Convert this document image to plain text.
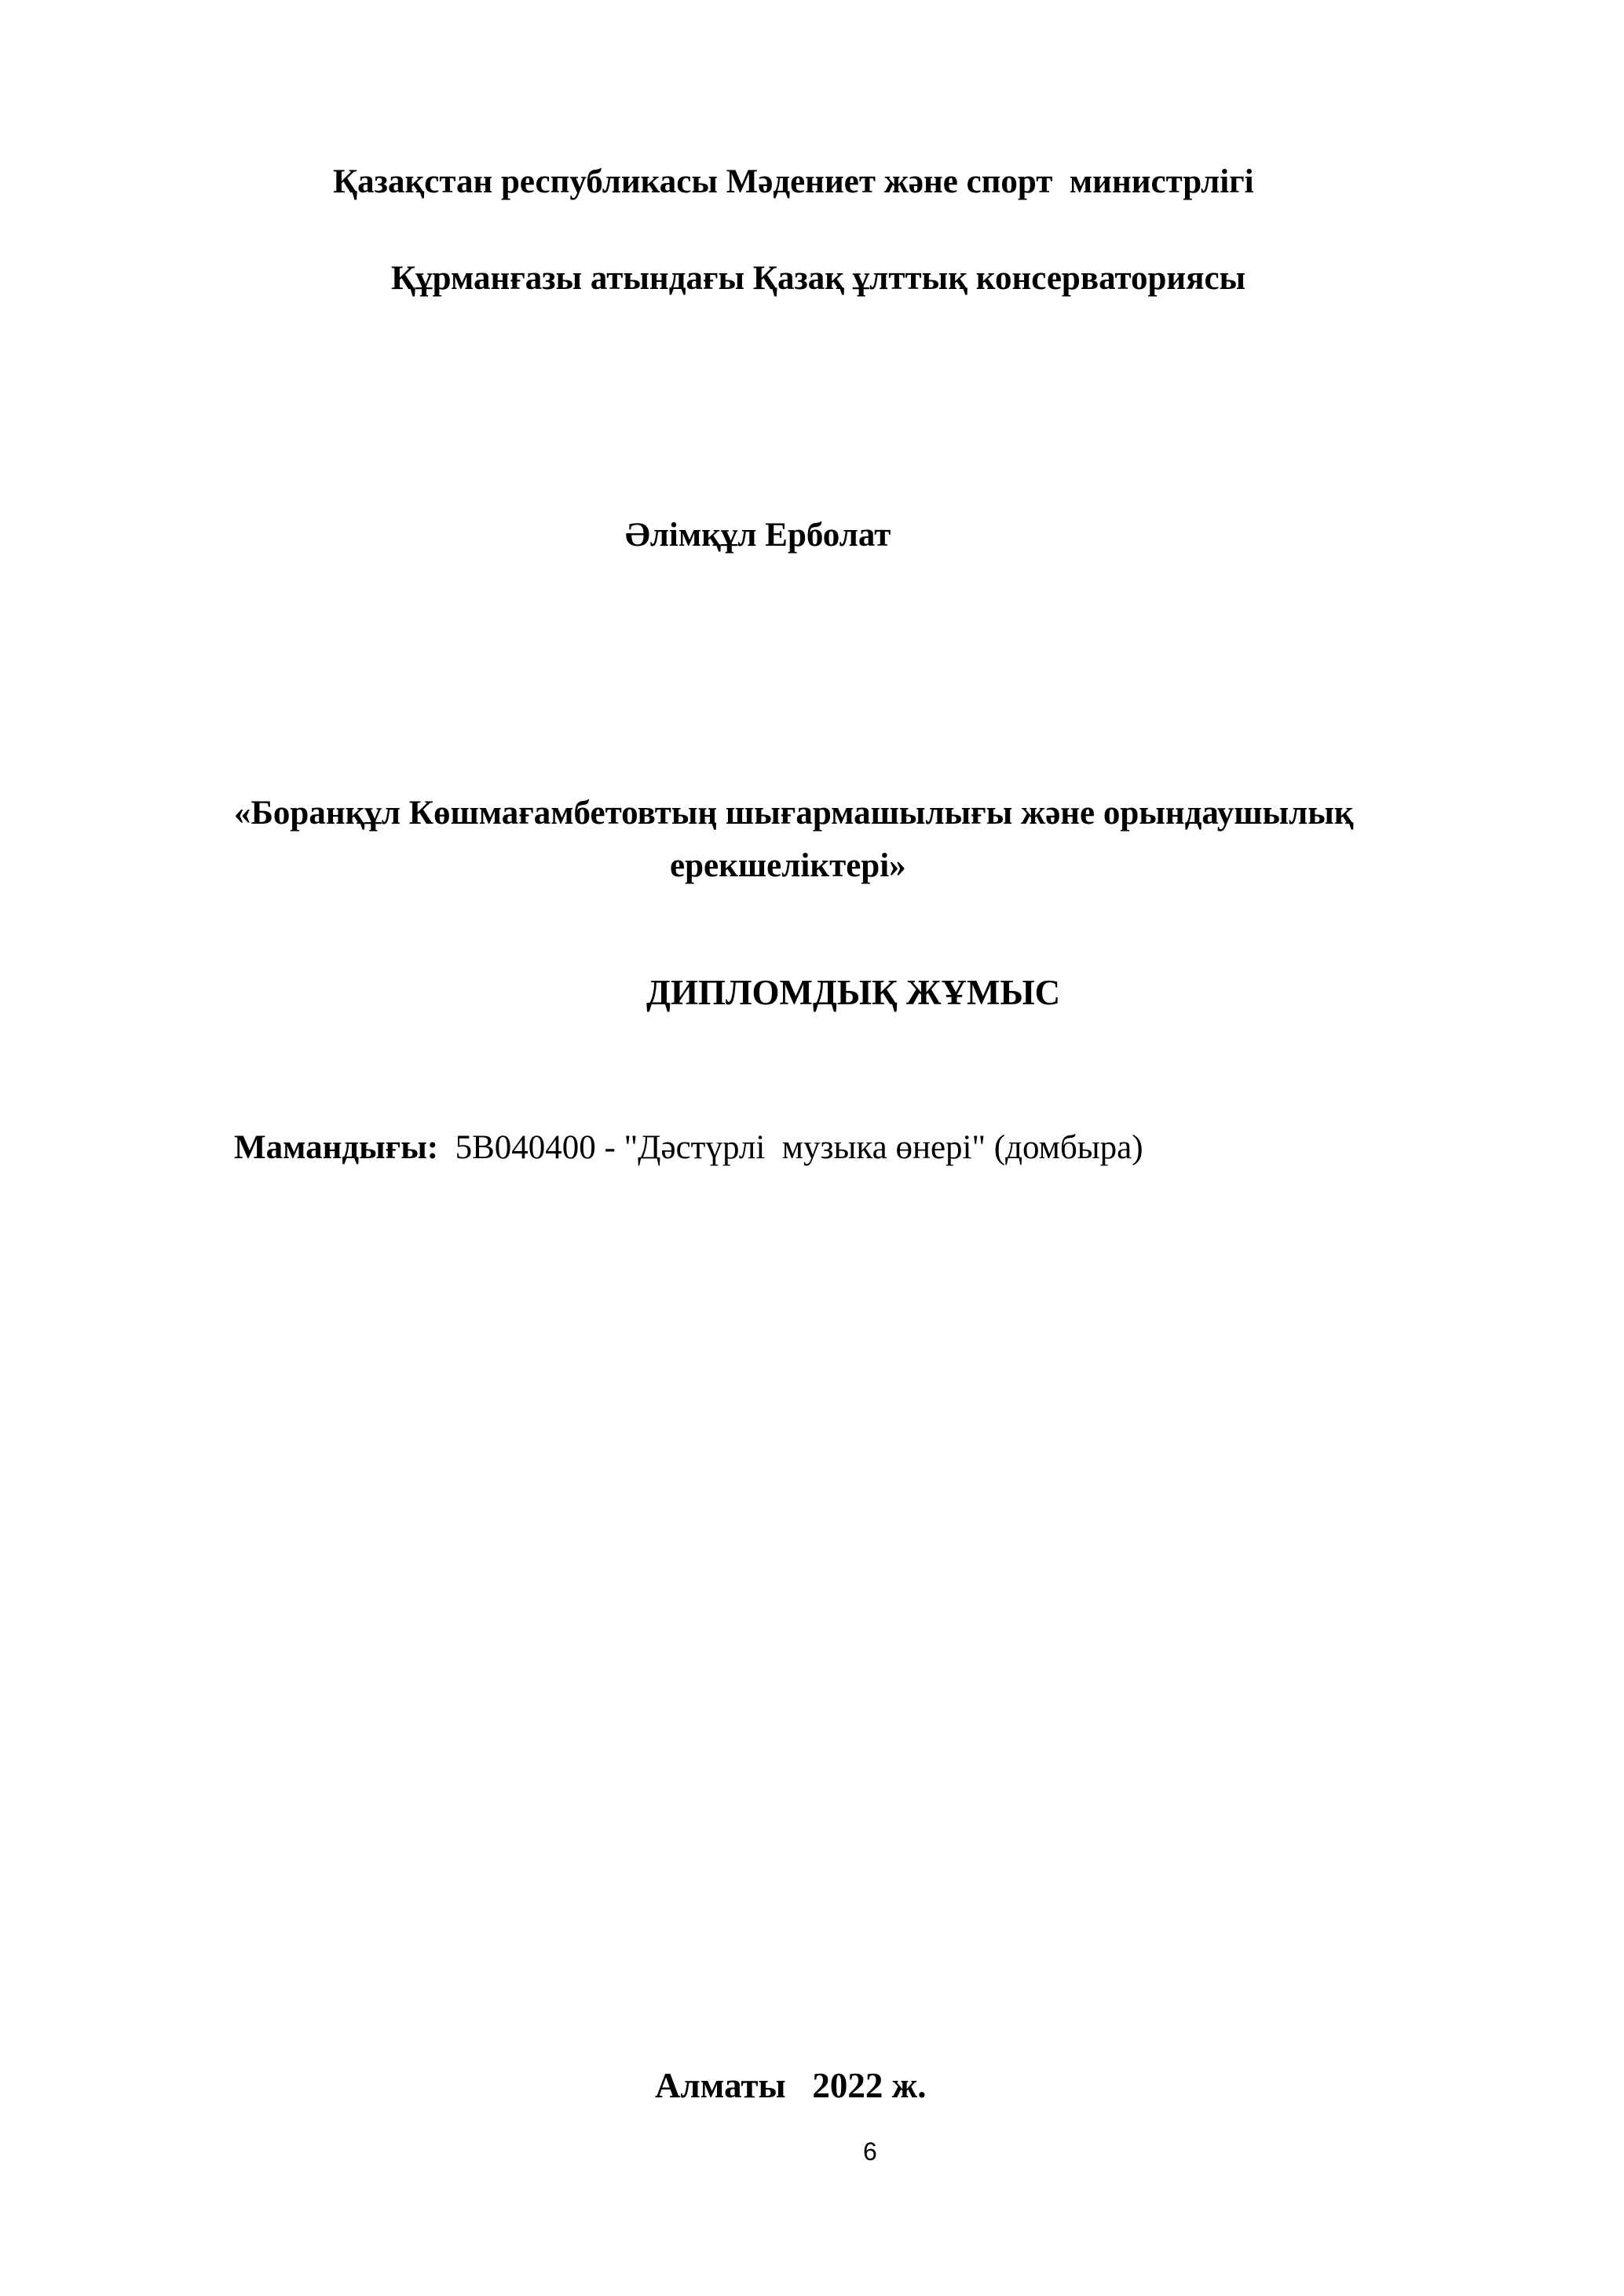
Қазақстан республикасы Мәдениет және спорт  министрлігі
Құрманғазы атындағы Қазақ ұлттық консерваториясы
Әлімқұл Ерболат
«Боранқұл Көшмағамбетовтың шығармашылығы және орындаушылық
ерекшеліктері»
ДИПЛОМДЫҚ ЖҰМЫС
Мамандығы: 5В040400 - "Дәстүрлі  музыка өнері" (домбыра)
Алматы   2022 ж.
6
